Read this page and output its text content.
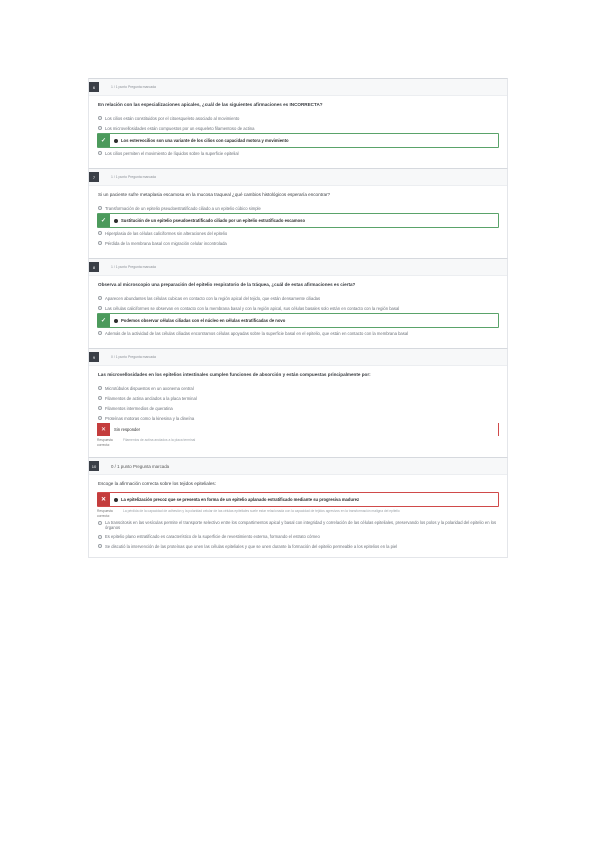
6	1 / 1 punto Pregunta marcada
En relación con las especializaciones apicales, ¿cuál de las siguientes afirmaciones es INCORRECTA?
Los cilios están constituidos por el citoesqueleto asociado al movimiento
Los microvellosidades están compuestos por un esqueleto filamentoso de actina
✓	Los estereocilios son una variante de los cilios con capacidad motora y movimiento
Los cilios permiten el movimiento de líquidos sobre la superficie epitelial
7	1 / 1 punto Pregunta marcada
Si un paciente sufre metaplasia escamosa en la mucosa traqueal ¿qué cambios histológicos esperaría encontrar?
Transformación de un epitelio pseudoestratificado ciliado a un epitelio cúbico simple
✓	Sustitución de un epitelio pseudoestratificado ciliado por un epitelio estratificado escamoso
Hiperplasia de las células caliciformes sin alteraciones del epitelio
Pérdida de la membrana basal con migración celular incontrolada
8	1 / 1 punto Pregunta marcada
Observa al microscopio una preparación del epitelio respiratorio de la tráquea, ¿cuál de estas afirmaciones es cierta?
Aparecen abundantes las células cubicas en contacto con la región apical del tejido, que están densamente ciliadas
Las células caliciformes se observan en contacto con la membrana basal y con la región apical, sus células basales solo están en contacto con la región basal
✓	Podemos observar células ciliadas con el núcleo en células estratificadas de novo
Además de la actividad de las células ciliadas encontramos células apoyadas sobre la superficie basal en el epitelio, que están en contacto con la membrana basal
9	0 / 1 punto Pregunta marcada
Las microvellosidades en los epitelios intestinales cumplen funciones de absorción y están compuestas principalmente por:
Microtúbulos dispuestos en un axonema central
Filamentos de actina anclados a la placa terminal
Filamentos intermedios de queratina
Proteínas motoras como la kinesina y la dineína
✕	Sin responder
Respuesta correcta:
Filamentos de actina anclados a la placa terminal
10	0 / 1 punto Pregunta marcada
Escoge la afirmación correcta sobre los tejidos epiteliales:
✕	La epitelización precoz que se presenta en forma de un epitelio aplanado estratificado mediante su progresiva madurez
Respuesta correcta:
La pérdida de la capacidad de adhesión y la polaridad celular de las células epiteliales suele estar relacionada con la capacidad de tejidos agresivos en la transformación maligna del epitelio
La transcitosis en las vesículas permite el transporte selectivo entre los compartimentos apical y basal con integridad y correlación de las células epiteliales, preservando los polos y la polaridad del epitelio en los órganos
Es epitelio plano estratificado es característico de la superficie de revestimiento externa, formando el estrato córneo
Se discutió la intervención de las proteínas que unen las células epiteliales y que se unen durante la formación del epitelio permeable a los epitelios en la piel
